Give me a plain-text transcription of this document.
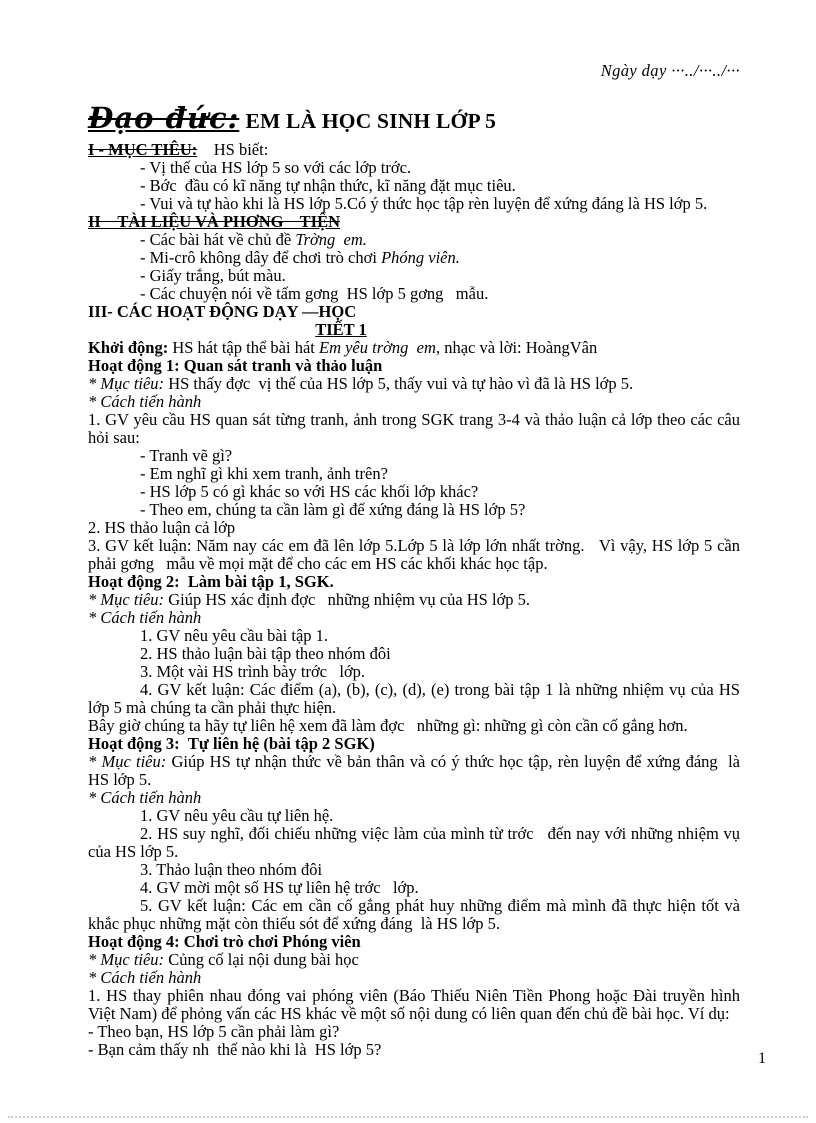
Ngày dạy ···../···../···

Đạo đức: EM LÀ HỌC SINH LỚP 5

I - MỤC TIÊU:    HS biết:

- Vị thế của HS lớp 5 so với các lớp trớc.

- Bớc  đầu có kĩ năng tự nhận thức, kĩ năng đặt mục tiêu.

- Vui và tự hào khi là HS lớp 5.Có ý thức học tập rèn luyện để xứng đáng là HS lớp 5.

II    TÀI LIỆU VÀ PHƠNG    TIỆN

- Các bài hát về chủ đề Trờng  em.

- Mi-crô không dây để chơi trò chơi Phóng viên.

- Giấy trắng, bút màu.

- Các chuyện nói về tấm gơng  HS lớp 5 gơng   mẫu.

III- CÁC HOẠT ĐỘNG DẠY —HỌC

TIẾT 1

Khởi động: HS hát tập thể bài hát Em yêu trờng  em, nhạc và lời: HoàngVân

Hoạt động 1: Quan sát tranh và thảo luận

* Mục tiêu: HS thấy đợc  vị thế của HS lớp 5, thấy vui và tự hào vì đã là HS lớp 5.

* Cách tiến hành

1. GV yêu cầu HS quan sát từng tranh, ảnh trong SGK trang 3-4 và thảo luận cả lớp theo các câu hỏi sau:

- Tranh vẽ gì?

- Em nghĩ gì khi xem tranh, ảnh trên?

- HS lớp 5 có gì khác so với HS các khối lớp khác?

- Theo em, chúng ta cần làm gì để xứng đáng là HS lớp 5?

2. HS thảo luận cả lớp

3. GV kết luận: Năm nay các em đã lên lớp 5.Lớp 5 là lớp lớn nhất trờng.   Vì vậy, HS lớp 5 cần phải gơng   mẫu về mọi mặt để cho các em HS các khối khác học tập.

Hoạt động 2:  Làm bài tập 1, SGK.

* Mục tiêu: Giúp HS xác định đợc   những nhiệm vụ của HS lớp 5.

* Cách tiến hành

1. GV nêu yêu cầu bài tập 1.

2. HS thảo luận bài tập theo nhóm đôi

3. Một vài HS trình bày trớc   lớp.

4. GV kết luận: Các điểm (a), (b), (c), (d), (e) trong bài tập 1 là những nhiệm vụ của HS lớp 5 mà chúng ta cần phải thực hiện.

Bây giờ chúng ta hãy tự liên hệ xem đã làm đợc   những gì: những gì còn cần cố gắng hơn.

Hoạt động 3:  Tự liên hệ (bài tập 2 SGK)

* Mục tiêu: Giúp HS tự nhận thức về bản thân và có ý thức học tập, rèn luyện để xứng đáng  là HS lớp 5.

* Cách tiến hành

1. GV nêu yêu cầu tự liên hệ.

2. HS suy nghĩ, đối chiếu những việc làm của mình từ trớc   đến nay với những nhiệm vụ của HS lớp 5.

3. Thảo luận theo nhóm đôi

4. GV mời một số HS tự liên hệ trớc   lớp.

5. GV kết luận: Các em cần cố gắng phát huy những điểm mà mình đã thực hiện tốt và khắc phục những mặt còn thiếu sót để xứng đáng  là HS lớp 5.

Hoạt động 4: Chơi trò chơi Phóng viên

* Mục tiêu: Củng cố lại nội dung bài học

* Cách tiến hành

1. HS thay phiên nhau đóng vai phóng viên (Báo Thiếu Niên Tiền Phong hoặc Đài truyền hình Việt Nam) để phỏng vấn các HS khác về một số nội dung có liên quan đến chủ đề bài học. Ví dụ:

- Theo bạn, HS lớp 5 cần phải làm gì?

- Bạn cảm thấy nh  thế nào khi là  HS lớp 5?	1
